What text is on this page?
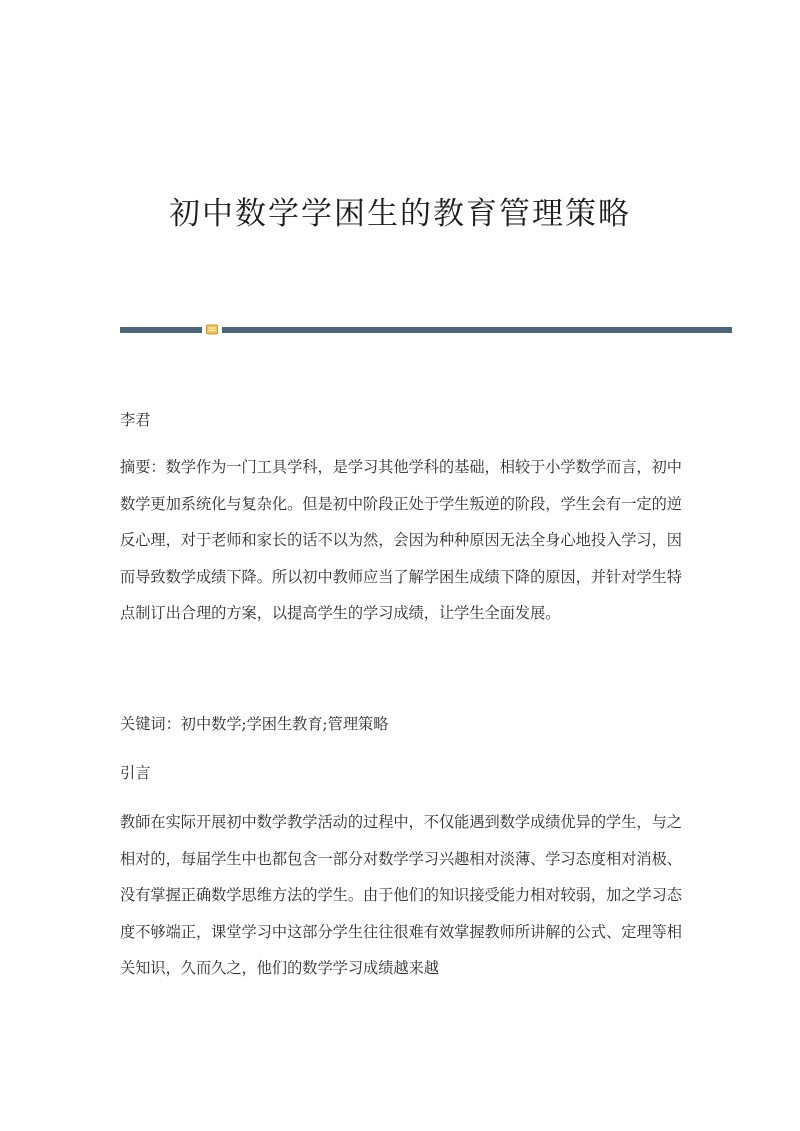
初中数学学困生的教育管理策略
李君
摘要：数学作为一门工具学科，是学习其他学科的基础，相较于小学数学而言，初中数学更加系统化与复杂化。但是初中阶段正处于学生叛逆的阶段，学生会有一定的逆反心理，对于老师和家长的话不以为然，会因为种种原因无法全身心地投入学习，因而导致数学成绩下降。所以初中教师应当了解学困生成绩下降的原因，并针对学生特点制订出合理的方案，以提高学生的学习成绩，让学生全面发展。
关键词：初中数学;学困生教育;管理策略
引言
教師在实际开展初中数学教学活动的过程中，不仅能遇到数学成绩优异的学生，与之相对的，每届学生中也都包含一部分对数学学习兴趣相对淡薄、学习态度相对消极、没有掌握正确数学思维方法的学生。由于他们的知识接受能力相对较弱，加之学习态度不够端正，课堂学习中这部分学生往往很难有效掌握教师所讲解的公式、定理等相关知识，久而久之，他们的数学学习成绩越来越
